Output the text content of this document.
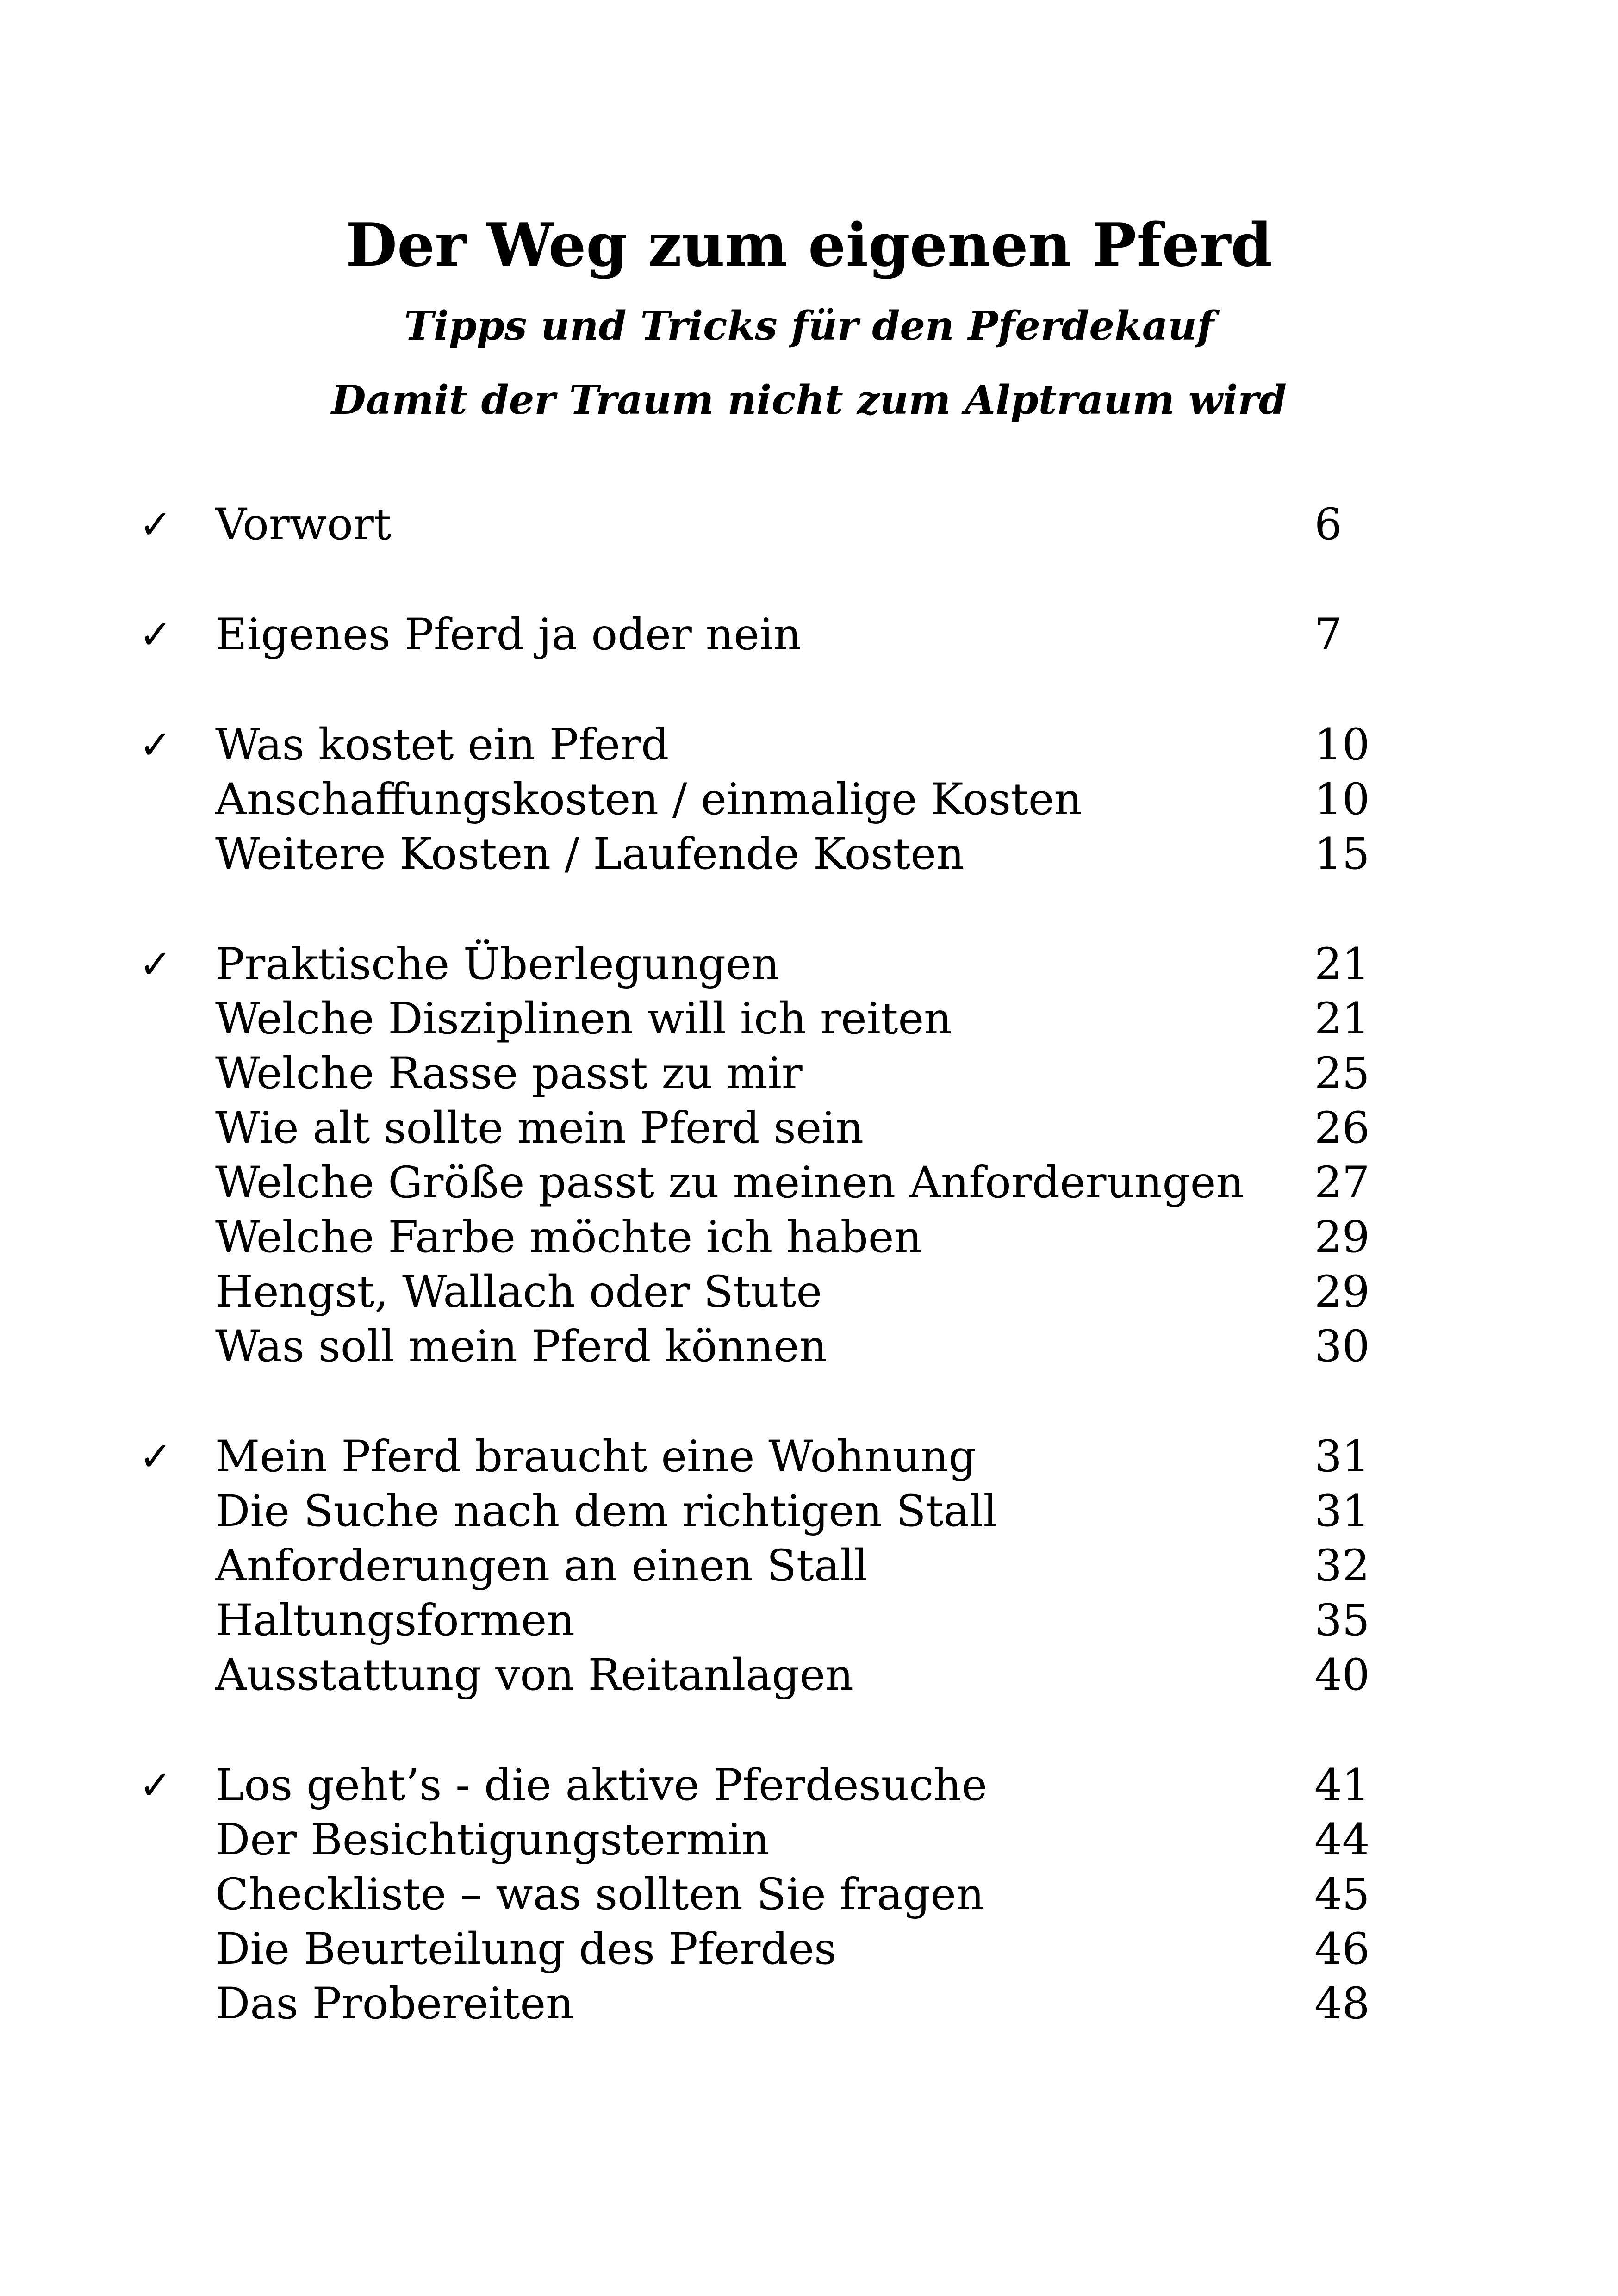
Der Weg zum eigenen Pferd
Tipps und Tricks für den Pferdekauf
Damit der Traum nicht zum Alptraum wird
✓ Vorwort	6
✓ Eigenes Pferd ja oder nein	7
✓ Was kostet ein Pferd	10
Anschaffungskosten / einmalige Kosten	10
Weitere Kosten / Laufende Kosten	15
✓ Praktische Überlegungen	21
Welche Disziplinen will ich reiten	21
Welche Rasse passt zu mir	25
Wie alt sollte mein Pferd sein	26
Welche Größe passt zu meinen Anforderungen 27
Welche Farbe möchte ich haben	29
Hengst, Wallach oder Stute	29
Was soll mein Pferd können	30
✓ Mein Pferd braucht eine Wohnung	31
Die Suche nach dem richtigen Stall	31
Anforderungen an einen Stall	32
Haltungsformen	35
Ausstattung von Reitanlagen	40
✓ Los geht’s - die aktive Pferdesuche	41
Der Besichtigungstermin	44
Checkliste – was sollten Sie fragen	45
Die Beurteilung des Pferdes	46
Das Probereiten	48
